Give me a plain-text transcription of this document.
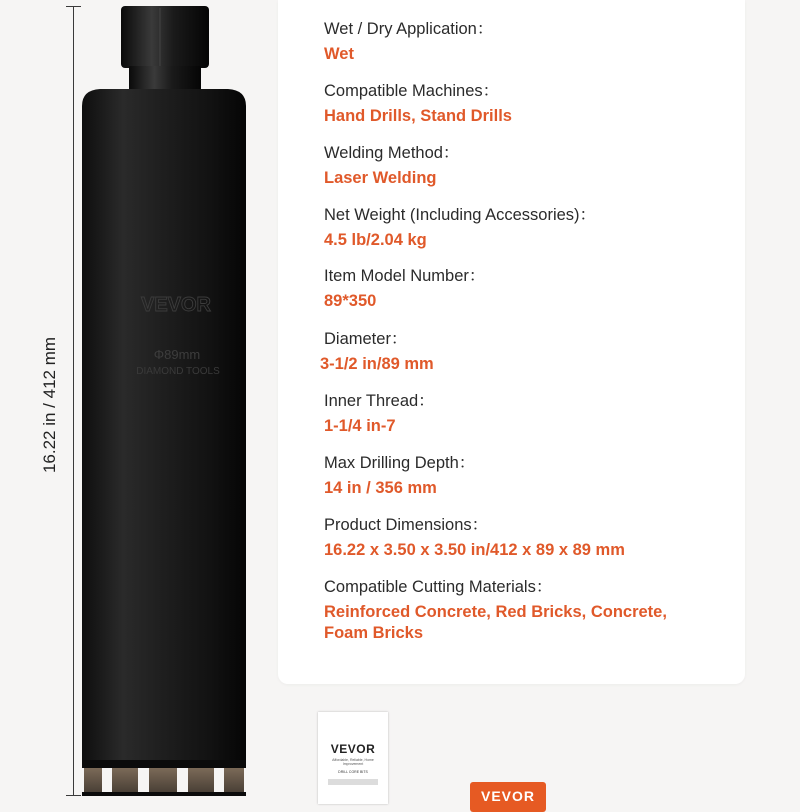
16.22 in / 412 mm
VEVOR
Φ89mm
DIAMOND TOOLS
Wet / Dry Application：
Wet
Compatible Machines：
Hand Drills, Stand Drills
Welding Method：
Laser Welding
Net Weight (Including Accessories)：
4.5 lb/2.04 kg
Item Model Number：
89*350
Diameter：
3-1/2 in/89 mm
Inner Thread：
1-1/4 in-7
Max Drilling Depth：
14 in / 356 mm
Product Dimensions：
16.22 x 3.50 x 3.50 in/412 x 89 x 89 mm
Compatible Cutting Materials：
Reinforced Concrete, Red Bricks, Concrete,
Foam Bricks
VEVOR
Affordable, Reliable, Home Improvement
DRILL CORE BITS
VEVOR
